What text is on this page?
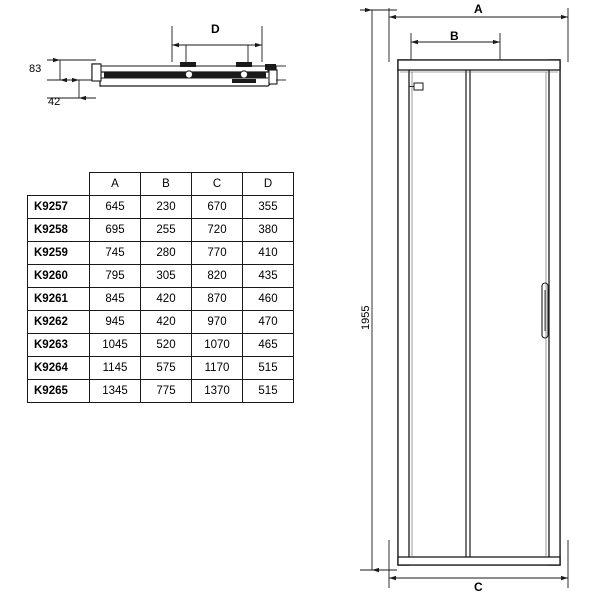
D
83
42
A
B
C
1955
	A	B	C	D
K9257	645	230	670	355
K9258	695	255	720	380
K9259	745	280	770	410
K9260	795	305	820	435
K9261	845	420	870	460
K9262	945	420	970	470
K9263	1045	520	1070	465
K9264	1145	575	1170	515
K9265	1345	775	1370	515
